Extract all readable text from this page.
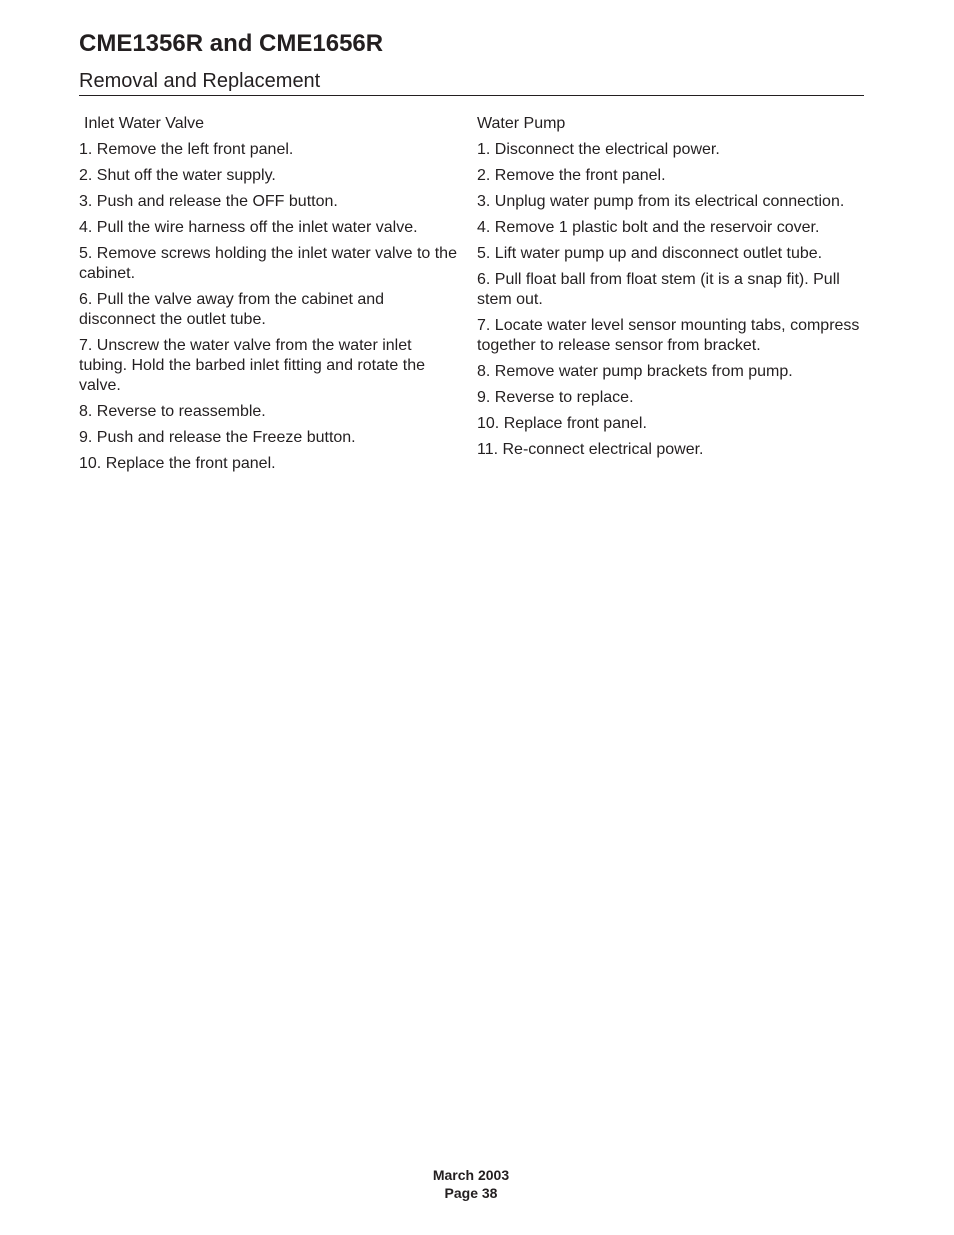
CME1356R and CME1656R
Removal and Replacement
Inlet Water Valve
1. Remove the left front panel.
2. Shut off the water supply.
3. Push and release the OFF button.
4. Pull the wire harness off the inlet water valve.
5. Remove screws holding the inlet water valve to the cabinet.
6. Pull the valve away from the cabinet and disconnect the outlet tube.
7. Unscrew the water valve from the water inlet tubing. Hold the barbed inlet fitting and rotate the valve.
8. Reverse to reassemble.
9. Push and release the Freeze button.
10. Replace the front panel.
Water Pump
1. Disconnect the electrical power.
2. Remove the front panel.
3. Unplug water pump from its electrical connection.
4. Remove 1 plastic bolt and the reservoir cover.
5. Lift water pump up and disconnect outlet tube.
6. Pull float ball from float stem (it is a snap fit). Pull stem out.
7. Locate water level sensor mounting tabs, compress together to release sensor from bracket.
8. Remove water pump brackets from pump.
9. Reverse to replace.
10. Replace front panel.
11. Re-connect electrical power.
March 2003
Page 38
